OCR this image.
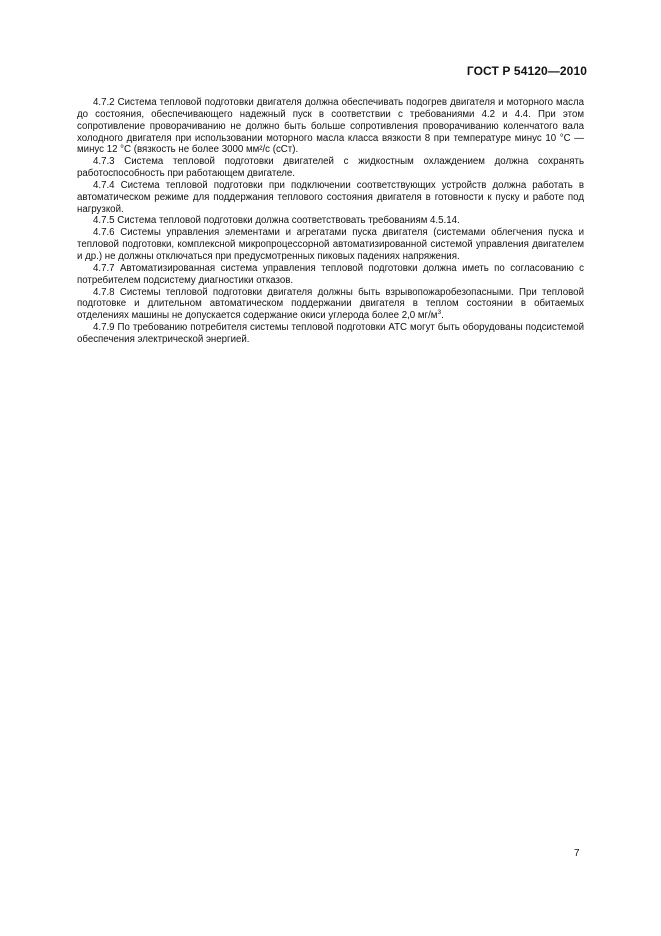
ГОСТ Р 54120—2010

4.7.2 Система тепловой подготовки двигателя должна обеспечивать подогрев двигателя и моторного масла до состояния, обеспечивающего надежный пуск в соответствии с требованиями 4.2 и 4.4. При этом сопротивление проворачиванию не должно быть больше сопротивления проворачиванию коленчатого вала холодного двигателя при использовании моторного масла класса вязкости 8 при температуре минус 10 °С — минус 12 °С (вязкость не более 3000 мм²/с (сСт).

4.7.3 Система тепловой подготовки двигателей с жидкостным охлаждением должна сохранять работоспособность при работающем двигателе.

4.7.4 Система тепловой подготовки при подключении соответствующих устройств должна работать в автоматическом режиме для поддержания теплового состояния двигателя в готовности к пуску и работе под нагрузкой.

4.7.5 Система тепловой подготовки должна соответствовать требованиям 4.5.14.

4.7.6 Системы управления элементами и агрегатами пуска двигателя (системами облегчения пуска и тепловой подготовки, комплексной микропроцессорной автоматизированной системой управления двигателем и др.) не должны отключаться при предусмотренных пиковых падениях напряжения.

4.7.7 Автоматизированная система управления тепловой подготовки должна иметь по согласованию с потребителем подсистему диагностики отказов.

4.7.8 Системы тепловой подготовки двигателя должны быть взрывопожаробезопасными. При тепловой подготовке и длительном автоматическом поддержании двигателя в теплом состоянии в обитаемых отделениях машины не допускается содержание окиси углерода более 2,0 $мг/м^3$.

4.7.9 По требованию потребителя системы тепловой подготовки АТС могут быть оборудованы подсистемой обеспечения электрической энергией.

7
